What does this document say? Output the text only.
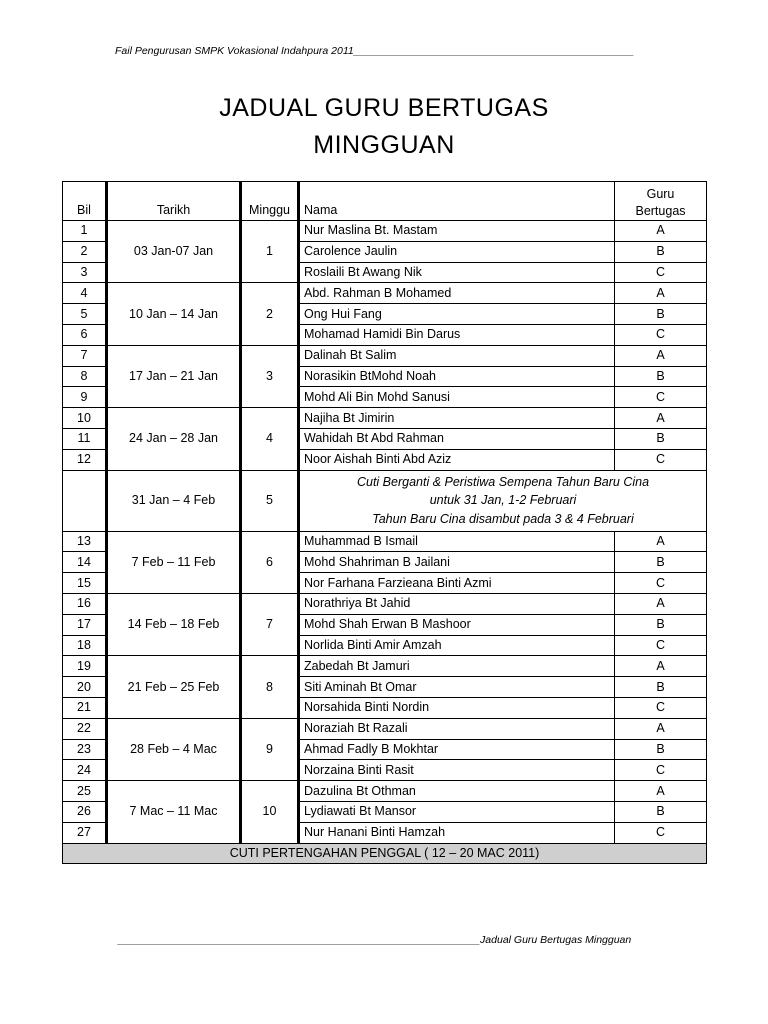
Fail Pengurusan SMPK Vokasional Indahpura 2011________________________________________________
JADUAL GURU BERTUGAS
MINGGUAN
Bil	Tarikh	Minggu	Nama	Guru
Bertugas

1	03 Jan-07 Jan	1	Nur Maslina Bt. Mastam	A
2			Carolence Jaulin	B
3			Roslaili Bt Awang Nik	C
4	10 Jan – 14 Jan	2	Abd. Rahman B Mohamed	A
5			Ong Hui Fang	B
6			Mohamad Hamidi Bin Darus	C
7	17 Jan – 21 Jan	3	Dalinah Bt Salim	A
8			Norasikin BtMohd Noah	B
9			Mohd Ali Bin Mohd Sanusi	C
10	24 Jan – 28 Jan	4	Najiha Bt Jimirin	A
11			Wahidah Bt Abd Rahman	B
12			Noor Aishah Binti Abd Aziz	C
	31 Jan – 4 Feb	5	Cuti Berganti & Peristiwa Sempena Tahun Baru Cina
untuk 31 Jan, 1-2 Februari
Tahun Baru Cina disambut pada 3 & 4 Februari	

13	7 Feb – 11 Feb	6	Muhammad B Ismail	A
14			Mohd Shahriman B Jailani	B
15			Nor Farhana Farzieana Binti Azmi	C
16	14 Feb – 18 Feb	7	Norathriya Bt Jahid	A
17			Mohd Shah Erwan B Mashoor	B
18			Norlida Binti Amir Amzah	C
19	21 Feb – 25 Feb	8	Zabedah Bt Jamuri	A
20			Siti Aminah Bt Omar	B
21			Norsahida Binti Nordin	C
22	28 Feb – 4 Mac	9	Noraziah Bt Razali	A
23			Ahmad Fadly B Mokhtar	B
24			Norzaina Binti Rasit	C
25	7 Mac – 11 Mac	10	Dazulina Bt Othman	A
26			Lydiawati Bt Mansor	B
27			Nur Hanani Binti Hamzah	C
CUTI PERTENGAHAN PENGGAL ( 12 – 20 MAC 2011)				
______________________________________________________________Jadual Guru Bertugas Mingguan
